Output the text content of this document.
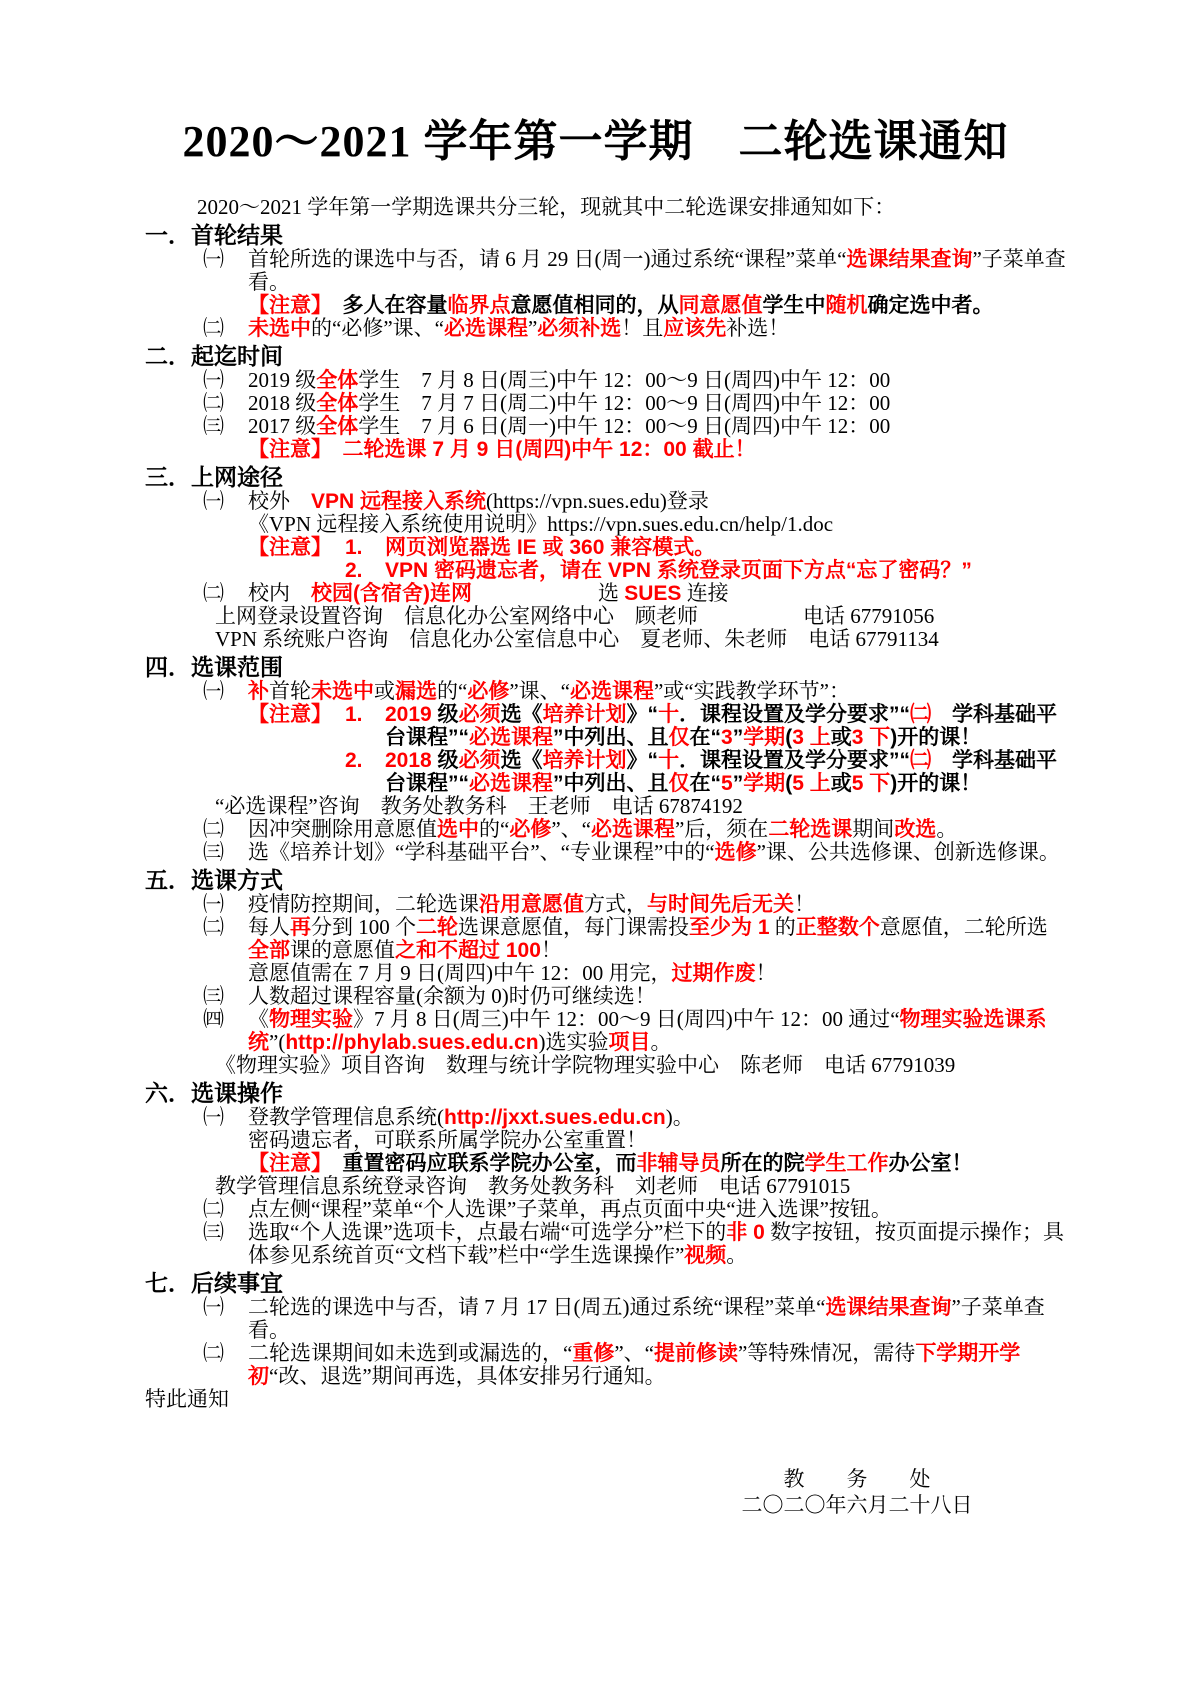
2020～2021 学年第一学期　二轮选课通知
2020～2021 学年第一学期选课共分三轮，现就其中二轮选课安排通知如下：
一．首轮结果
㈠ 首轮所选的课选中与否，请 6 月 29 日(周一)通过系统“课程”菜单“选课结果查询”子菜单查看。
【注意】　多人在容量临界点意愿值相同的，从同意愿值学生中随机确定选中者。
㈡ 未选中的“必修”课、“必选课程”必须补选！且应该先补选！
二．起迄时间
㈠ 2019 级全体学生　7 月 8 日(周三)中午 12：00～9 日(周四)中午 12：00
㈡ 2018 级全体学生　7 月 7 日(周二)中午 12：00～9 日(周四)中午 12：00
㈢ 2017 级全体学生　7 月 6 日(周一)中午 12：00～9 日(周四)中午 12：00
【注意】　 二轮选课 7 月 9 日(周四)中午 12：00 截止！
三．上网途径
㈠ 校外　VPN 远程接入系统(https://vpn.sues.edu)登录
《VPN 远程接入系统使用说明》https://vpn.sues.edu.cn/help/1.doc
【注意】 1. 网页浏览器选 IE 或 360 兼容模式。
2. VPN 密码遗忘者，请在 VPN 系统登录页面下方点“忘了密码？”
㈡ 校内　校园(含宿舍)连网　　　　　　	选 SUES 连接
上网登录设置咨询　信息化办公室网络中心　顾老师　　　　　电话 67791056
VPN 系统账户咨询　信息化办公室信息中心　夏老师、朱老师　电话 67791134
四．选课范围
㈠ 补首轮未选中或漏选的“必修”课、“必选课程”或“实践教学环节”：
【注意】 1. 2019 级必须选《培养计划》“十．课程设置及学分要求”“㈡　学科基础平台课程”“必选课程”中列出、且仅在“3”学期(3 上或3 下)开的课！
2. 2018 级必须选《培养计划》“十．课程设置及学分要求”“㈡　学科基础平台课程”“必选课程”中列出、且仅在“5”学期(5 上或5 下)开的课！
“必选课程”咨询　教务处教务科　王老师　电话 67874192
㈡ 因冲突删除用意愿值选中的“必修”、“必选课程”后，须在二轮选课期间改选。
㈢ 选《培养计划》“学科基础平台”、“专业课程”中的“选修”课、公共选修课、创新选修课。
五．选课方式
㈠ 疫情防控期间，二轮选课沿用意愿值方式，与时间先后无关！
㈡ 每人再分到 100 个二轮选课意愿值，每门课需投至少为 1 的正整数个意愿值，二轮所选全部课的意愿值之和不超过 100！
意愿值需在 7 月 9 日(周四)中午 12：00 用完，过期作废！
㈢ 人数超过课程容量(余额为 0)时仍可继续选！
㈣ 《物理实验》7 月 8 日(周三)中午 12：00～9 日(周四)中午 12：00 通过“物理实验选课系统”(http://phylab.sues.edu.cn)选实验项目。
《物理实验》项目咨询　数理与统计学院物理实验中心　陈老师　电话 67791039
六．选课操作
㈠ 登教学管理信息系统(http://jxxt.sues.edu.cn)。
密码遗忘者，可联系所属学院办公室重置！
【注意】　重置密码应联系学院办公室，而非辅导员所在的院学生工作办公室！
教学管理信息系统登录咨询　教务处教务科　刘老师　电话 67791015
㈡ 点左侧“课程”菜单“个人选课”子菜单，再点页面中央“进入选课”按钮。
㈢ 选取“个人选课”选项卡，点最右端“可选学分”栏下的非 0 数字按钮，按页面提示操作；具体参见系统首页“文档下载”栏中“学生选课操作”视频。
七．后续事宜
㈠ 二轮选的课选中与否，请 7 月 17 日(周五)通过系统“课程”菜单“选课结果查询”子菜单查看。
㈡ 二轮选课期间如未选到或漏选的，“重修”、“提前修读”等特殊情况，需待下学期开学初“改、退选”期间再选，具体安排另行通知。
特此通知
教　　务　　处
二〇二〇年六月二十八日
